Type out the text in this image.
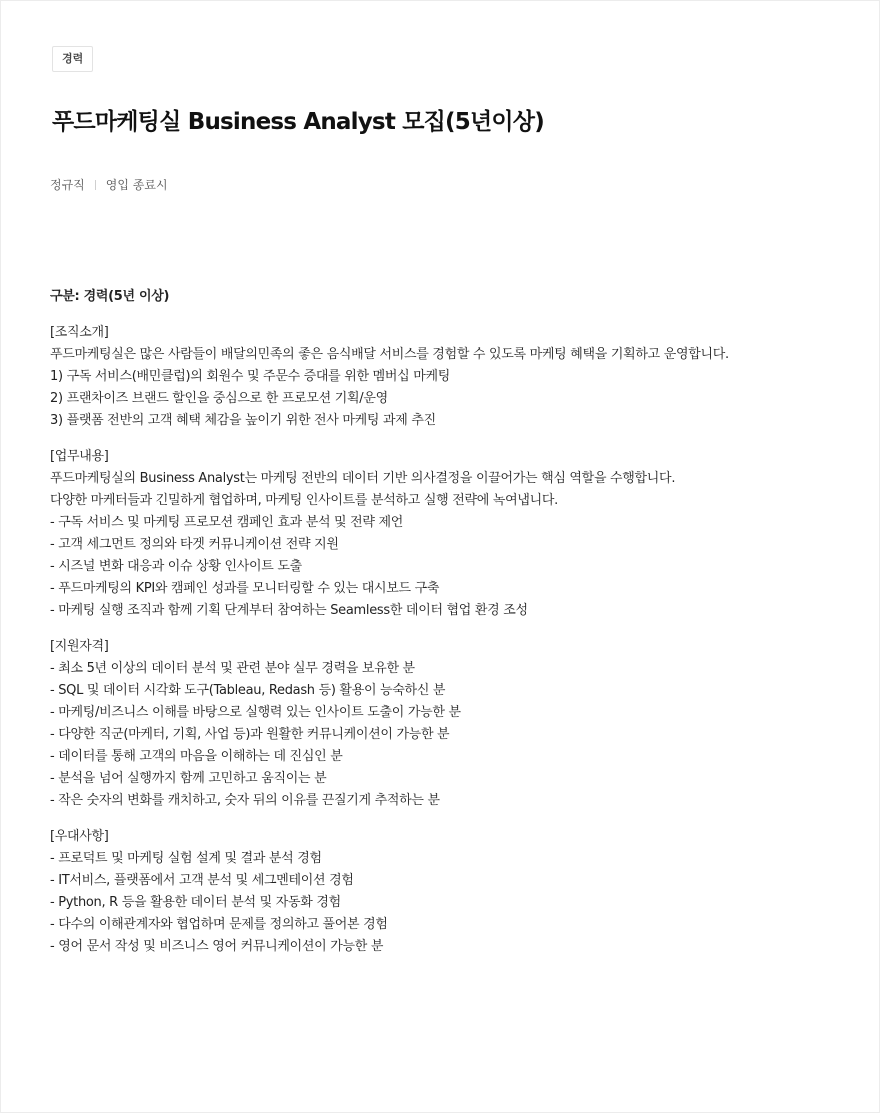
경력
푸드마케팅실 Business Analyst 모집(5년이상)
정규직 영입 종료시
구분: 경력(5년 이상)
[조직소개]
푸드마케팅실은 많은 사람들이 배달의민족의 좋은 음식배달 서비스를 경험할 수 있도록 마케팅 혜택을 기획하고 운영합니다.
1) 구독 서비스(배민클럽)의 회원수 및 주문수 증대를 위한 멤버십 마케팅
2) 프랜차이즈 브랜드 할인을 중심으로 한 프로모션 기획/운영
3) 플랫폼 전반의 고객 혜택 체감을 높이기 위한 전사 마케팅 과제 추진
[업무내용]
푸드마케팅실의 Business Analyst는 마케팅 전반의 데이터 기반 의사결정을 이끌어가는 핵심 역할을 수행합니다.
다양한 마케터들과 긴밀하게 협업하며, 마케팅 인사이트를 분석하고 실행 전략에 녹여냅니다.
- 구독 서비스 및 마케팅 프로모션 캠페인 효과 분석 및 전략 제언
- 고객 세그먼트 정의와 타겟 커뮤니케이션 전략 지원
- 시즈널 변화 대응과 이슈 상황 인사이트 도출
- 푸드마케팅의 KPI와 캠페인 성과를 모니터링할 수 있는 대시보드 구축
- 마케팅 실행 조직과 함께 기획 단계부터 참여하는 Seamless한 데이터 협업 환경 조성
[지원자격]
- 최소 5년 이상의 데이터 분석 및 관련 분야 실무 경력을 보유한 분
- SQL 및 데이터 시각화 도구(Tableau, Redash 등) 활용이 능숙하신 분
- 마케팅/비즈니스 이해를 바탕으로 실행력 있는 인사이트 도출이 가능한 분
- 다양한 직군(마케터, 기획, 사업 등)과 원활한 커뮤니케이션이 가능한 분
- 데이터를 통해 고객의 마음을 이해하는 데 진심인 분
- 분석을 넘어 실행까지 함께 고민하고 움직이는 분
- 작은 숫자의 변화를 캐치하고, 숫자 뒤의 이유를 끈질기게 추적하는 분
[우대사항]
- 프로덕트 및 마케팅 실험 설계 및 결과 분석 경험
- IT서비스, 플랫폼에서 고객 분석 및 세그멘테이션 경험
- Python, R 등을 활용한 데이터 분석 및 자동화 경험
- 다수의 이해관계자와 협업하며 문제를 정의하고 풀어본 경험
- 영어 문서 작성 및 비즈니스 영어 커뮤니케이션이 가능한 분
